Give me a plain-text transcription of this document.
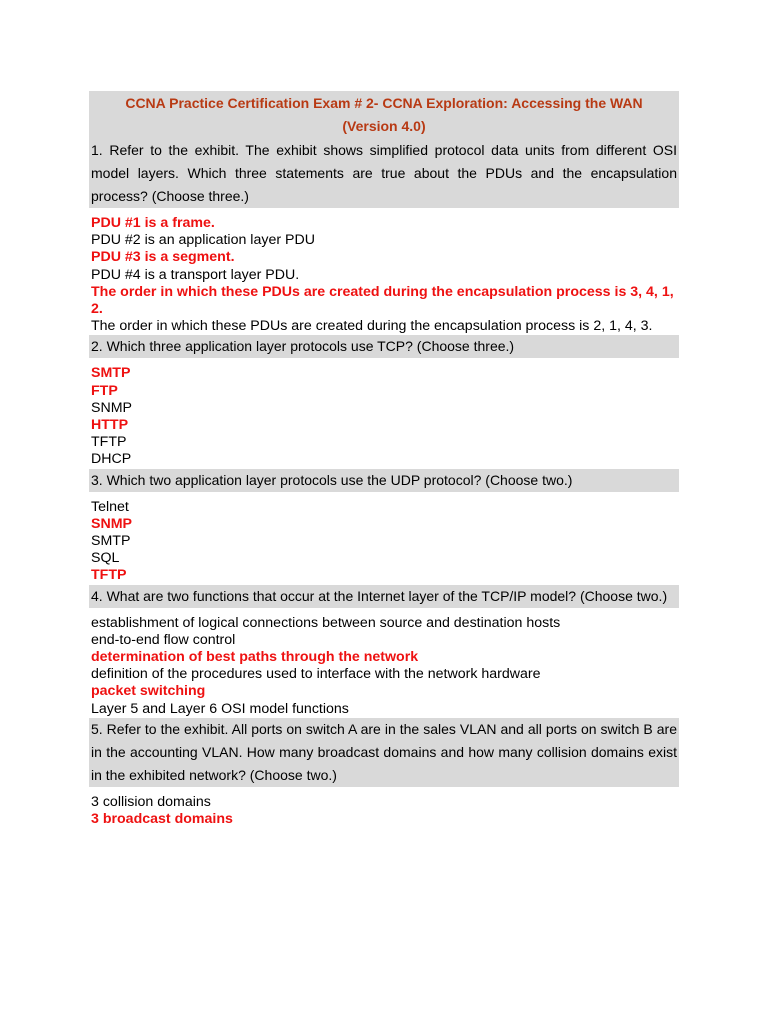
CCNA Practice Certification Exam # 2- CCNA Exploration: Accessing the WAN
(Version 4.0)
1. Refer to the exhibit. The exhibit shows simplified protocol data units from different OSI model layers. Which three statements are true about the PDUs and the encapsulation process? (Choose three.)
PDU #1 is a frame.
PDU #2 is an application layer PDU
PDU #3 is a segment.
PDU #4 is a transport layer PDU.
The order in which these PDUs are created during the encapsulation process is 3, 4, 1, 2.
The order in which these PDUs are created during the encapsulation process is 2, 1, 4, 3.
2. Which three application layer protocols use TCP? (Choose three.)
SMTP
FTP
SNMP
HTTP
TFTP
DHCP
3. Which two application layer protocols use the UDP protocol? (Choose two.)
Telnet
SNMP
SMTP
SQL
TFTP
4. What are two functions that occur at the Internet layer of the TCP/IP model? (Choose two.)
establishment of logical connections between source and destination hosts
end-to-end flow control
determination of best paths through the network
definition of the procedures used to interface with the network hardware
packet switching
Layer 5 and Layer 6 OSI model functions
5. Refer to the exhibit. All ports on switch A are in the sales VLAN and all ports on switch B are in the accounting VLAN. How many broadcast domains and how many collision domains exist in the exhibited network? (Choose two.)
3 collision domains
3 broadcast domains
